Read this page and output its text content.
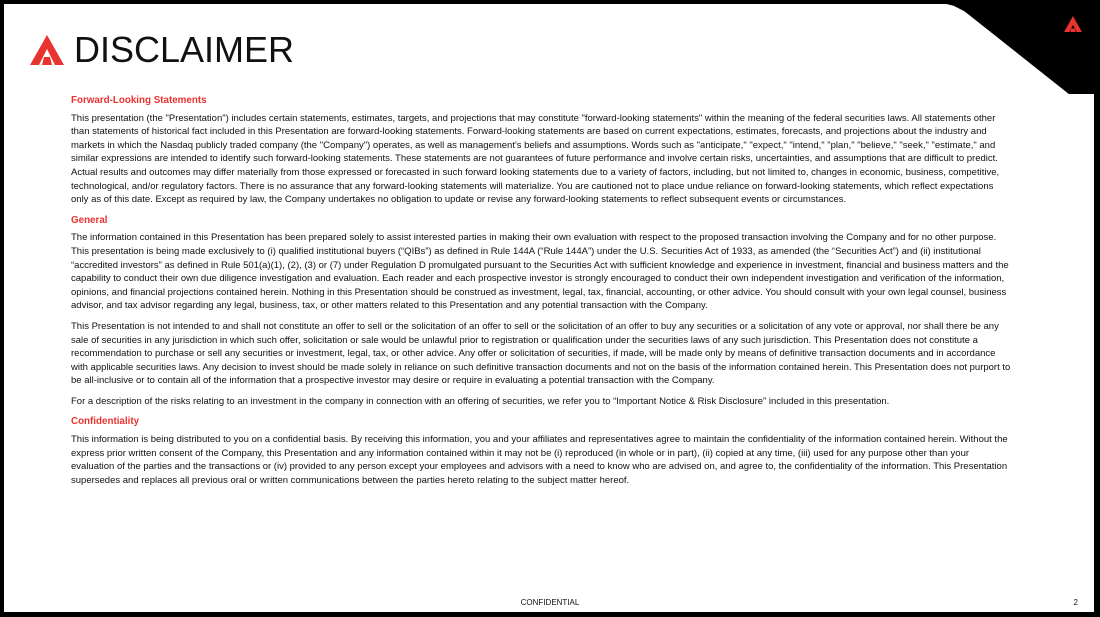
DISCLAIMER
Forward-Looking Statements

This presentation (the "Presentation") includes certain statements, estimates, targets, and projections that may constitute "forward-looking statements" within the meaning of the federal securities laws. All statements other than statements of historical fact included in this Presentation are forward-looking statements. Forward-looking statements are based on current expectations, estimates, forecasts, and projections about the industry and markets in which the Nasdaq publicly traded company (the "Company") operates, as well as management's beliefs and assumptions. Words such as "anticipate," "expect," "intend," "plan," "believe," "seek," "estimate," and similar expressions are intended to identify such forward-looking statements. These statements are not guarantees of future performance and involve certain risks, uncertainties, and assumptions that are difficult to predict. Actual results and outcomes may differ materially from those expressed or forecasted in such forward looking statements due to a variety of factors, including, but not limited to, changes in economic, business, competitive, technological, and/or regulatory factors. There is no assurance that any forward-looking statements will materialize. You are cautioned not to place undue reliance on forward-looking statements, which reflect expectations only as of this date. Except as required by law, the Company undertakes no obligation to update or revise any forward-looking statements to reflect subsequent events or circumstances.

General

The information contained in this Presentation has been prepared solely to assist interested parties in making their own evaluation with respect to the proposed transaction involving the Company and for no other purpose. This presentation is being made exclusively to (i) qualified institutional buyers (“QIBs”) as defined in Rule 144A (“Rule 144A”) under the U.S. Securities Act of 1933, as amended (the “Securities Act”) and (ii) institutional “accredited investors” as defined in Rule 501(a)(1), (2), (3) or (7) under Regulation D promulgated pursuant to the Securities Act with sufficient knowledge and experience in investment, financial and business matters and the capability to conduct their own due diligence investigation and evaluation. Each reader and each prospective investor is strongly encouraged to conduct their own independent investigation and verification of the information, opinions, and financial projections contained herein. Nothing in this Presentation should be construed as investment, legal, tax, financial, accounting, or other advice. You should consult with your own legal counsel, business advisor, and tax advisor regarding any legal, business, tax, or other matters related to this Presentation and any potential transaction with the Company.

This Presentation is not intended to and shall not constitute an offer to sell or the solicitation of an offer to sell or the solicitation of an offer to buy any securities or a solicitation of any vote or approval, nor shall there be any sale of securities in any jurisdiction in which such offer, solicitation or sale would be unlawful prior to registration or qualification under the securities laws of any such jurisdiction. This Presentation does not constitute a recommendation to purchase or sell any securities or investment, legal, tax, or other advice. Any offer or solicitation of securities, if made, will be made only by means of definitive transaction documents and in accordance with applicable securities laws. Any decision to invest should be made solely in reliance on such definitive transaction documents and not on the basis of the information contained herein. This Presentation does not purport to be all-inclusive or to contain all of the information that a prospective investor may desire or require in evaluating a potential transaction with the Company.

For a description of the risks relating to an investment in the company in connection with an offering of securities, we refer you to “Important Notice & Risk Disclosure” included in this presentation.

Confidentiality

This information is being distributed to you on a confidential basis. By receiving this information, you and your affiliates and representatives agree to maintain the confidentiality of the information contained herein. Without the express prior written consent of the Company, this Presentation and any information contained within it may not be (i) reproduced (in whole or in part), (ii) copied at any time, (iii) used for any purpose other than your evaluation of the parties and the transactions or (iv) provided to any person except your employees and advisors with a need to know who are advised on, and agree to, the confidentiality of the information. This Presentation supersedes and replaces all previous oral or written communications between the parties hereto relating to the subject matter hereof.

CONFIDENTIAL	2
